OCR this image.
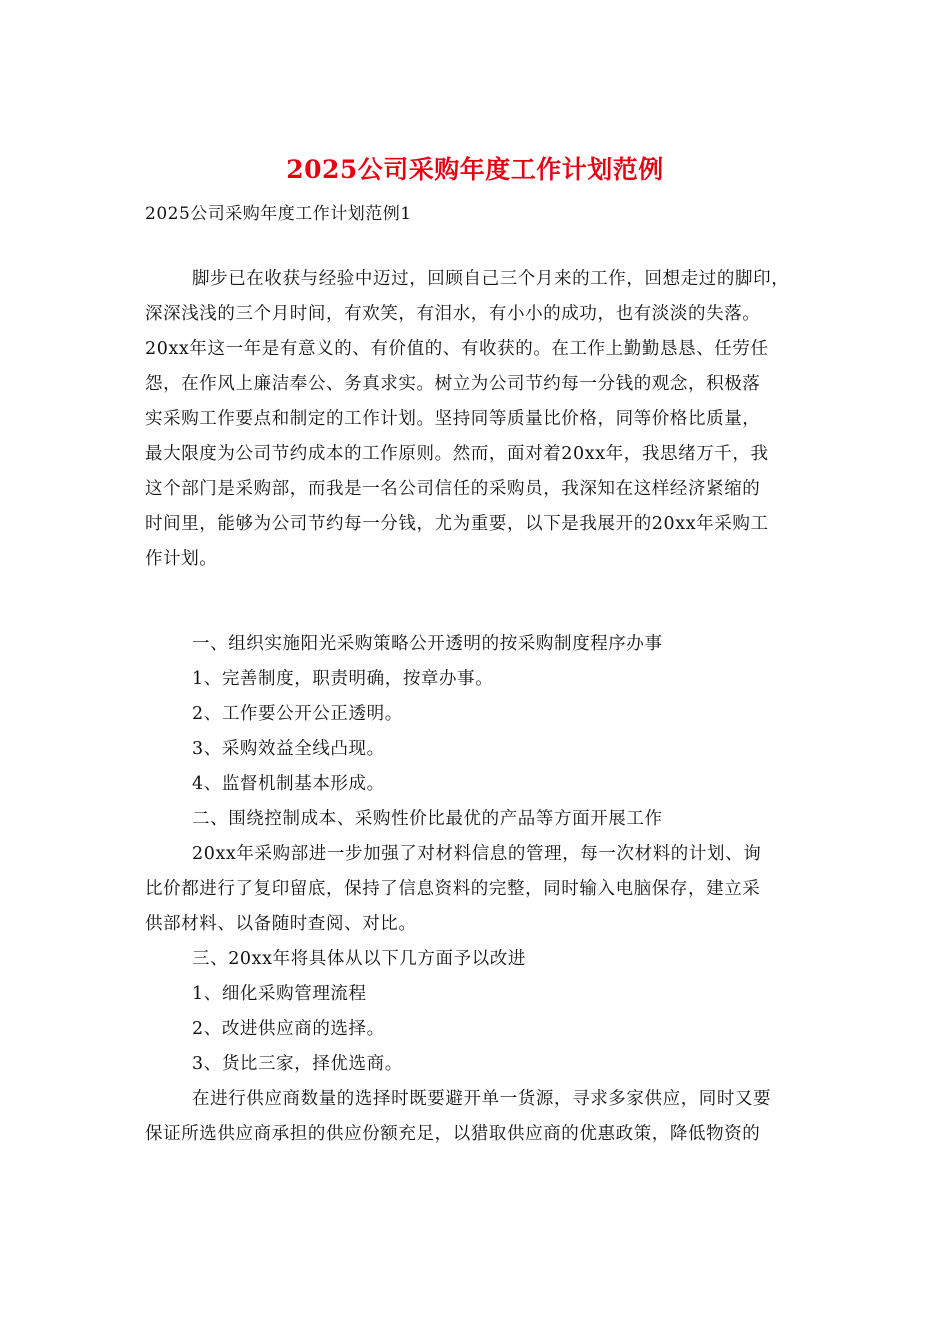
2025公司采购年度工作计划范例
2025公司采购年度工作计划范例1
脚步已在收获与经验中迈过，回顾自己三个月来的工作，回想走过的脚印，
深深浅浅的三个月时间，有欢笑，有泪水，有小小的成功，也有淡淡的失落。
20xx年这一年是有意义的、有价值的、有收获的。在工作上勤勤恳恳、任劳任
怨，在作风上廉洁奉公、务真求实。树立为公司节约每一分钱的观念，积极落
实采购工作要点和制定的工作计划。坚持同等质量比价格，同等价格比质量，
最大限度为公司节约成本的工作原则。然而，面对着20xx年，我思绪万千，我
这个部门是采购部，而我是一名公司信任的采购员，我深知在这样经济紧缩的
时间里，能够为公司节约每一分钱，尤为重要，以下是我展开的20xx年采购工
作计划。
一、组织实施阳光采购策略公开透明的按采购制度程序办事
1、完善制度，职责明确，按章办事。
2、工作要公开公正透明。
3、采购效益全线凸现。
4、监督机制基本形成。
二、围绕控制成本、采购性价比最优的产品等方面开展工作
20xx年采购部进一步加强了对材料信息的管理，每一次材料的计划、询
比价都进行了复印留底，保持了信息资料的完整，同时输入电脑保存，建立采
供部材料、以备随时查阅、对比。
三、20xx年将具体从以下几方面予以改进
1、细化采购管理流程
2、改进供应商的选择。
3、货比三家，择优选商。
在进行供应商数量的选择时既要避开单一货源，寻求多家供应，同时又要
保证所选供应商承担的供应份额充足，以猎取供应商的优惠政策，降低物资的
